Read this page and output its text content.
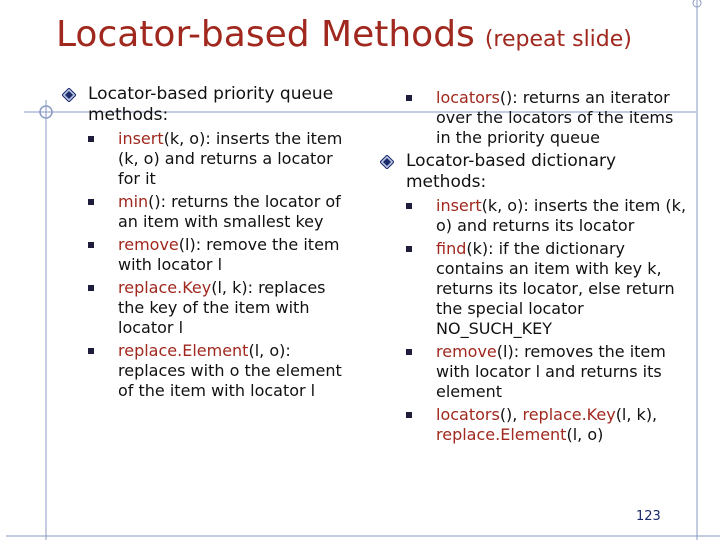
Locator-based Methods (repeat slide)
Locator-based priority queue methods:
insert(k, o): inserts the item (k, o) and returns a locator for it
min(): returns the locator of an item with smallest key
remove(l): remove the item with locator l
replace.Key(l, k): replaces the key of the item with locator l
replace.Element(l, o): replaces with o the element of the item with locator l
locators(): returns an iterator over the locators of the items in the priority queue
Locator-based dictionary methods:
insert(k, o): inserts the item (k, o) and returns its locator
find(k): if the dictionary contains an item with key k, returns its locator, else return the special locator NO_SUCH_KEY
remove(l): removes the item with locator l and returns its element
locators(), replace.Key(l, k), replace.Element(l, o)
123
